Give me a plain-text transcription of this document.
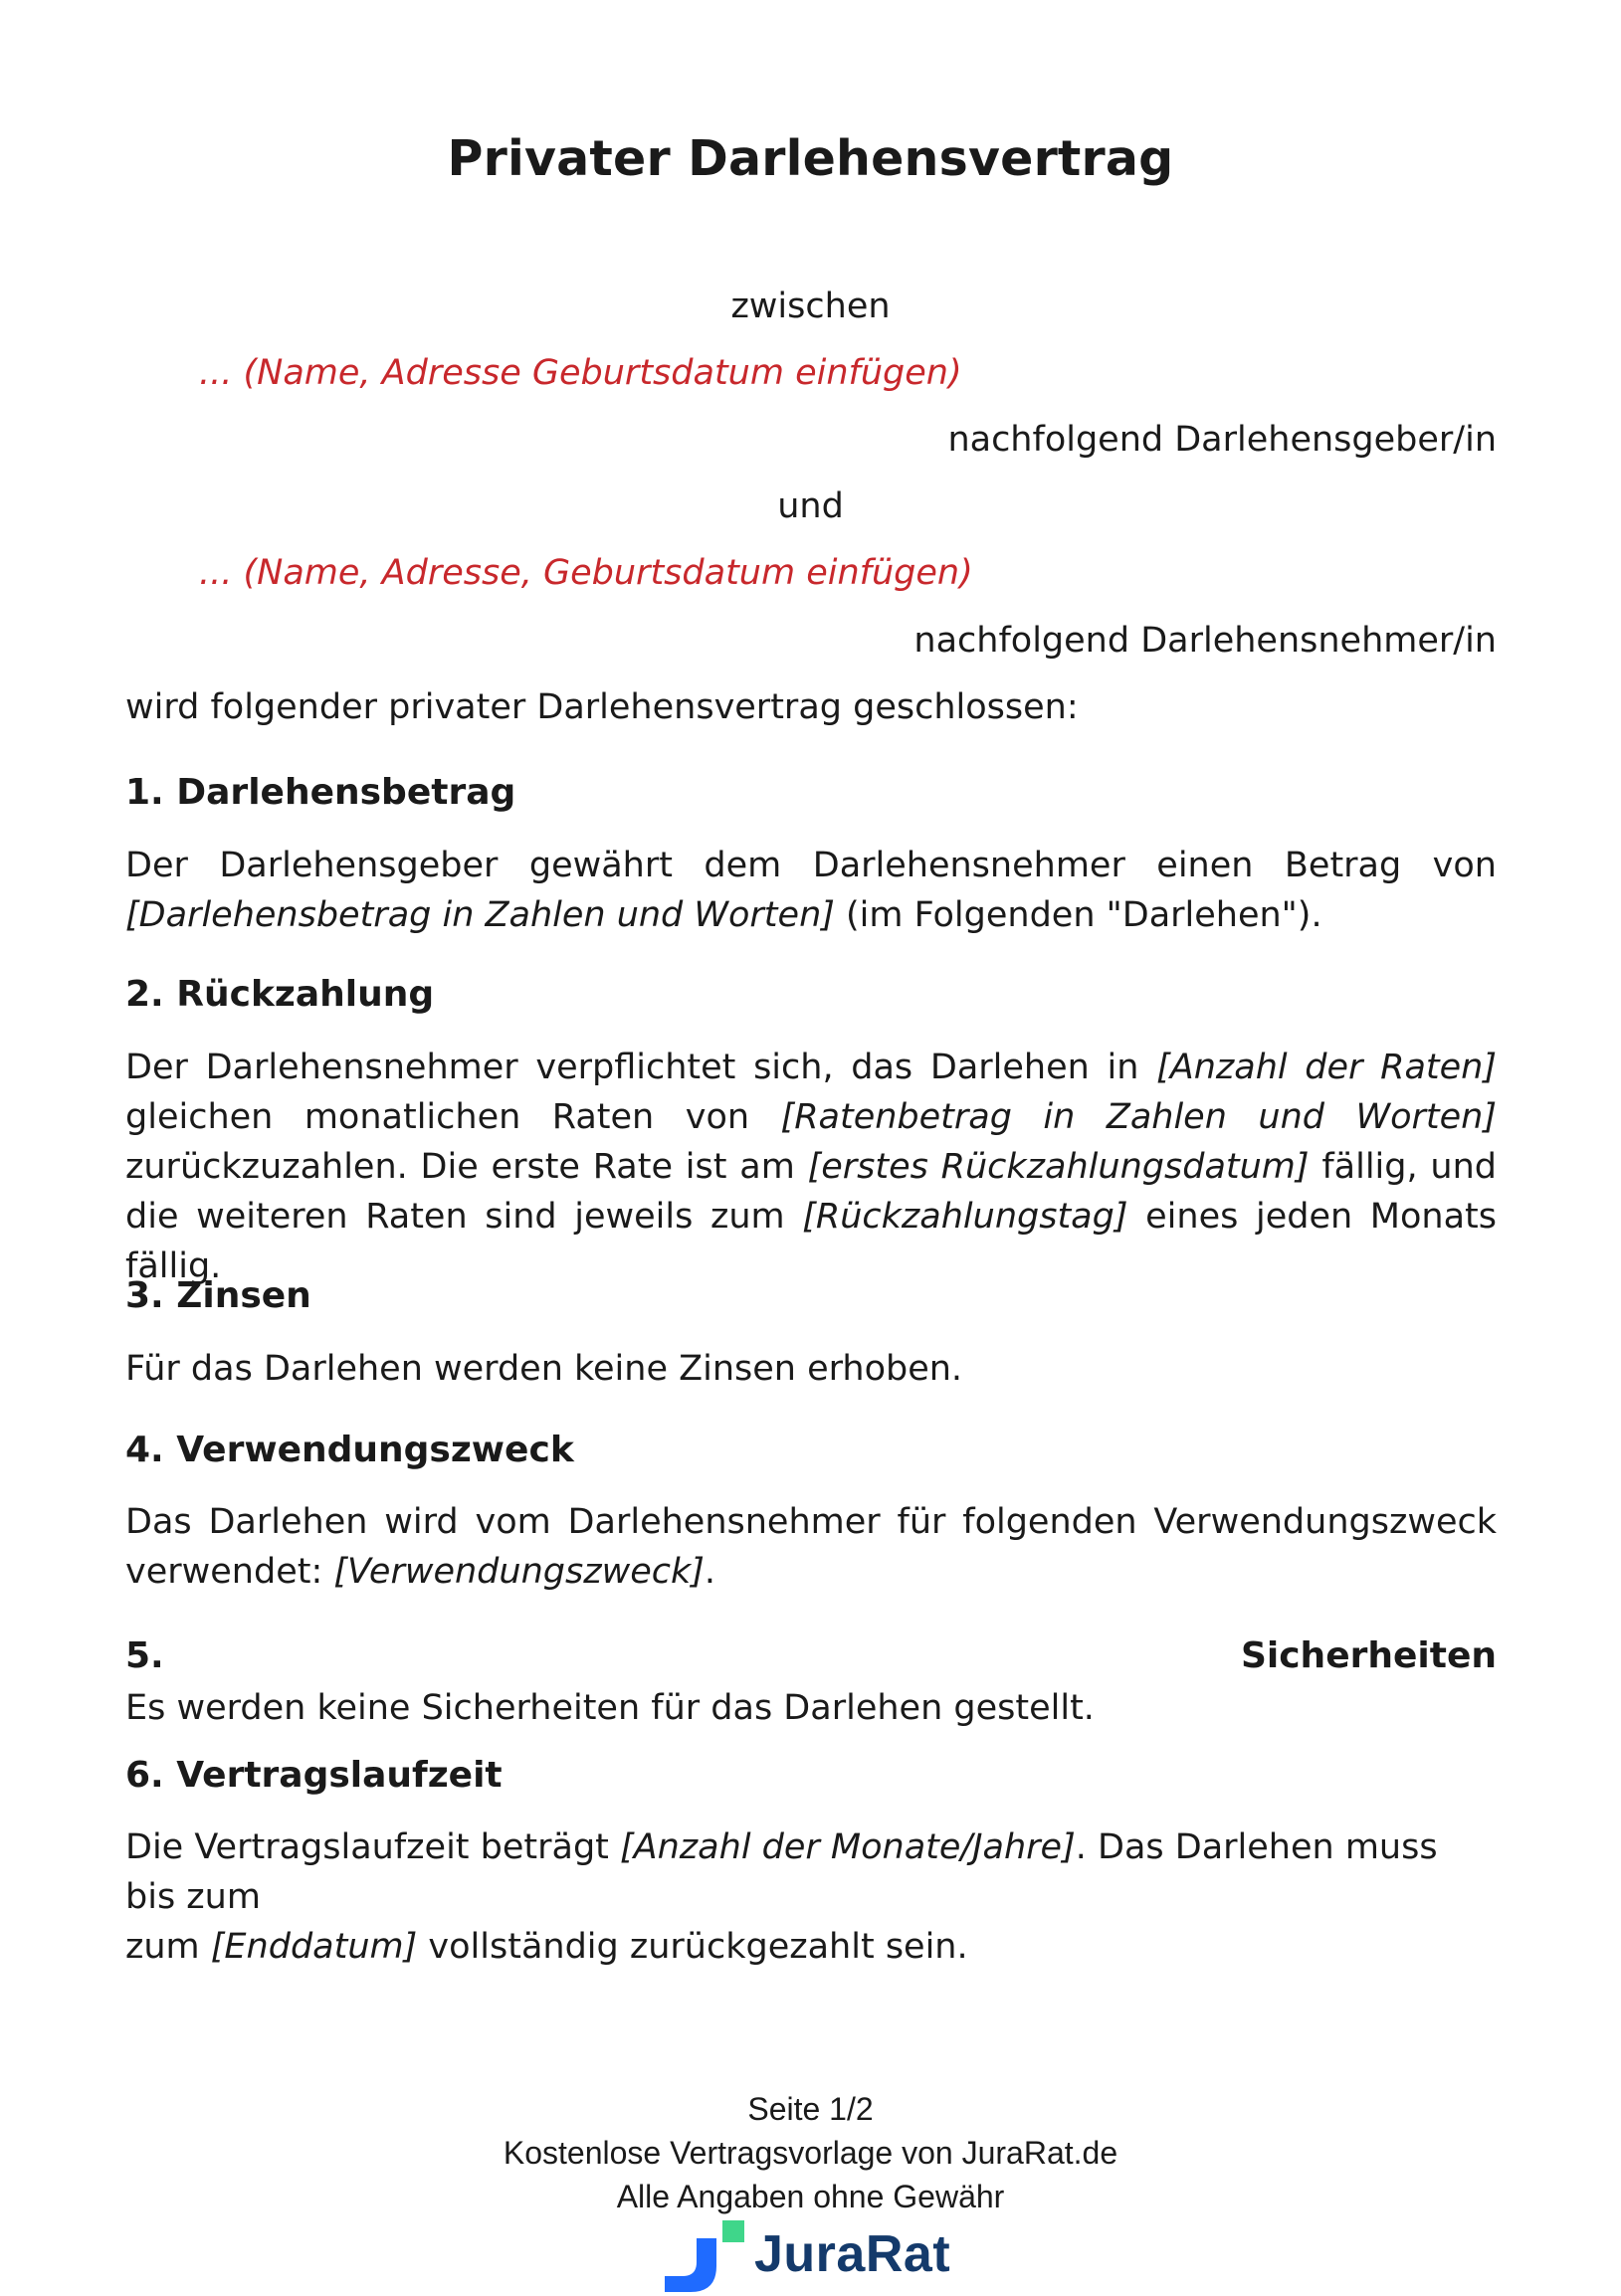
Privater Darlehensvertrag
zwischen
... (Name, Adresse Geburtsdatum einfügen)
nachfolgend Darlehensgeber/in
und
... (Name, Adresse, Geburtsdatum einfügen)
nachfolgend Darlehensnehmer/in
wird folgender privater Darlehensvertrag geschlossen:
1. Darlehensbetrag
Der Darlehensgeber gewährt dem Darlehensnehmer einen Betrag von
[Darlehensbetrag in Zahlen und Worten] (im Folgenden "Darlehen").
2. Rückzahlung
Der Darlehensnehmer verpflichtet sich, das Darlehen in [Anzahl der Raten] gleichen monatlichen Raten von [Ratenbetrag in Zahlen und Worten] zurückzuzahlen. Die erste Rate ist am [erstes Rückzahlungsdatum] fällig, und die weiteren Raten sind jeweils zum [Rückzahlungstag] eines jeden Monats fällig.
3. Zinsen
Für das Darlehen werden keine Zinsen erhoben.
4. Verwendungszweck
Das Darlehen wird vom Darlehensnehmer für folgenden Verwendungszweck verwendet: [Verwendungszweck].
5.	Sicherheiten
Es werden keine Sicherheiten für das Darlehen gestellt.
6. Vertragslaufzeit
Die Vertragslaufzeit beträgt [Anzahl der Monate/Jahre]. Das Darlehen muss bis zum
zum [Enddatum] vollständig zurückgezahlt sein.
Seite 1/2
Kostenlose Vertragsvorlage von JuraRat.de
Alle Angaben ohne Gewähr
JuraRat
